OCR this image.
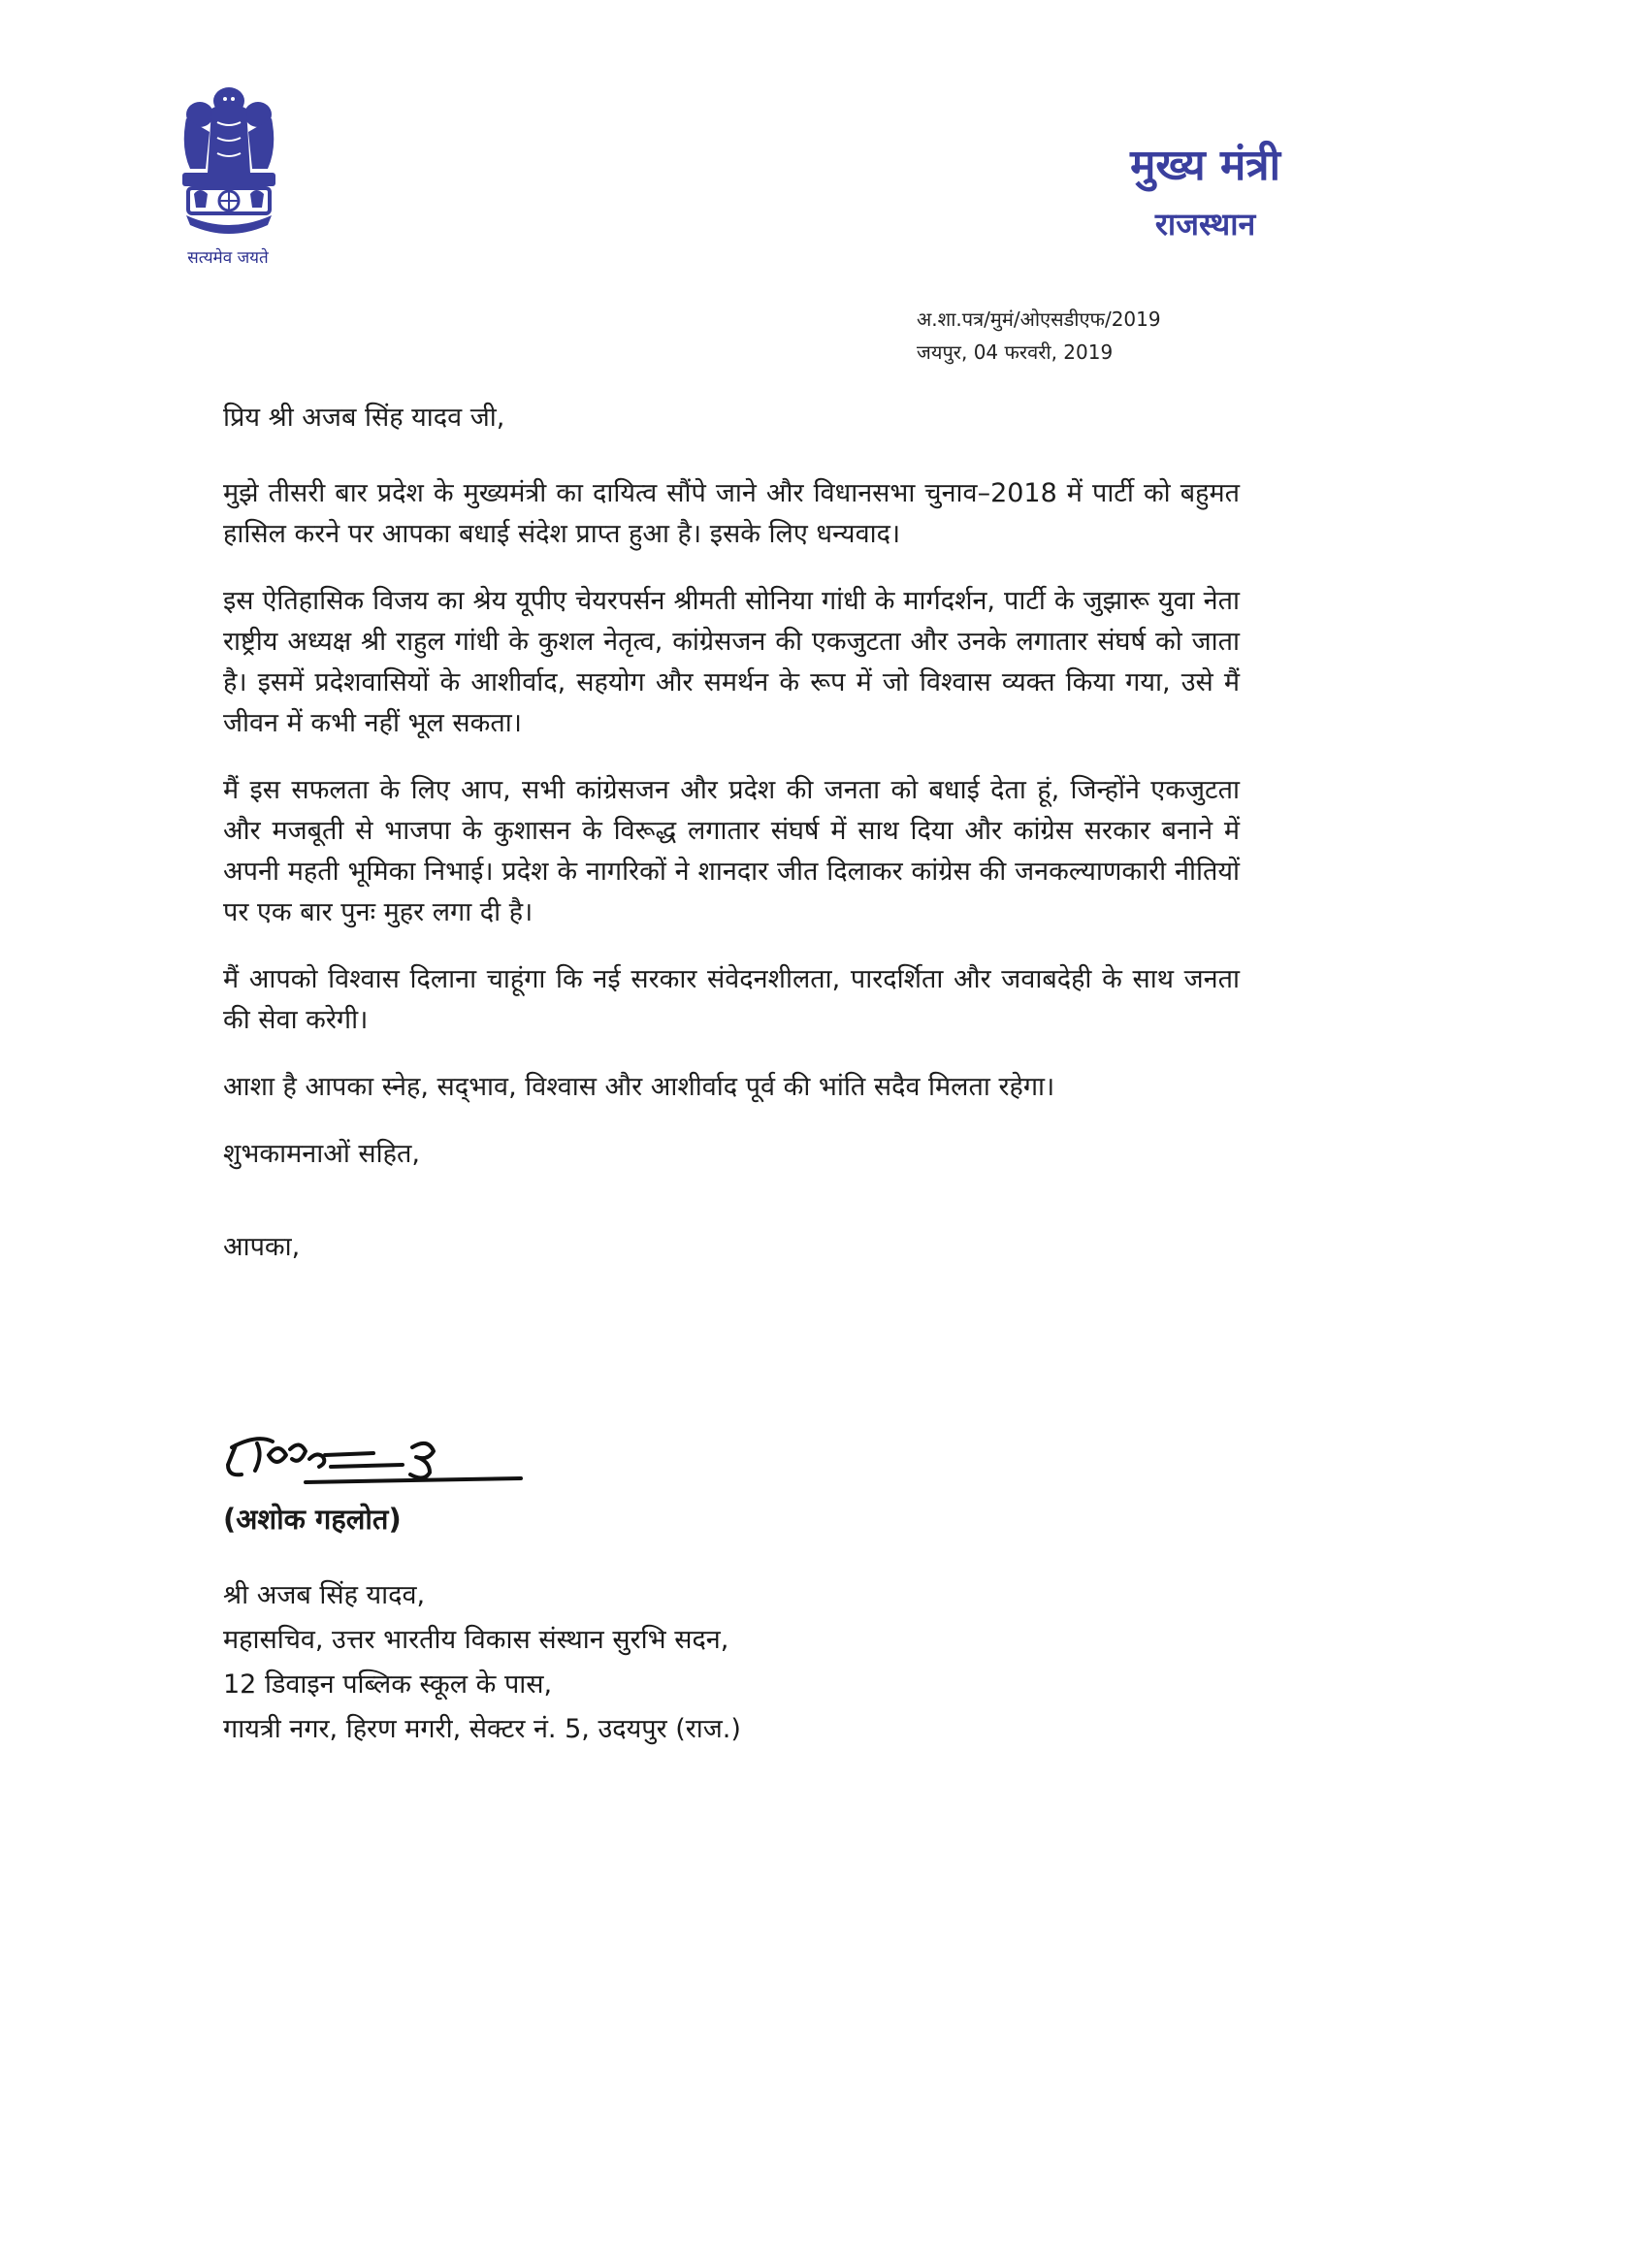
सत्यमेव जयते
मुख्य मंत्री
राजस्थान
अ.शा.पत्र/मुमं/ओएसडीएफ/2019
जयपुर, 04 फरवरी, 2019

प्रिय श्री अजब सिंह यादव जी,

मुझे तीसरी बार प्रदेश के मुख्यमंत्री का दायित्व सौंपे जाने और विधानसभा चुनाव–2018 में पार्टी को बहुमत हासिल करने पर आपका बधाई संदेश प्राप्त हुआ है। इसके लिए धन्यवाद।

इस ऐतिहासिक विजय का श्रेय यूपीए चेयरपर्सन श्रीमती सोनिया गांधी के मार्गदर्शन, पार्टी के जुझारू युवा नेता राष्ट्रीय अध्यक्ष श्री राहुल गांधी के कुशल नेतृत्व, कांग्रेसजन की एकजुटता और उनके लगातार संघर्ष को जाता है। इसमें प्रदेशवासियों के आशीर्वाद, सहयोग और समर्थन के रूप में जो विश्वास व्यक्त किया गया, उसे मैं जीवन में कभी नहीं भूल सकता।

मैं इस सफलता के लिए आप, सभी कांग्रेसजन और प्रदेश की जनता को बधाई देता हूं, जिन्होंने एकजुटता और मजबूती से भाजपा के कुशासन के विरूद्ध लगातार संघर्ष में साथ दिया और कांग्रेस सरकार बनाने में अपनी महती भूमिका निभाई। प्रदेश के नागरिकों ने शानदार जीत दिलाकर कांग्रेस की जनकल्याणकारी नीतियों पर एक बार पुनः मुहर लगा दी है।

मैं आपको विश्वास दिलाना चाहूंगा कि नई सरकार संवेदनशीलता, पारदर्शिता और जवाबदेही के साथ जनता की सेवा करेगी।

आशा है आपका स्नेह, सद्‌भाव, विश्वास और आशीर्वाद पूर्व की भांति सदैव मिलता रहेगा।

शुभकामनाओं सहित,

आपका,

(अशोक गहलोत)
श्री अजब सिंह यादव,
महासचिव, उत्तर भारतीय विकास संस्थान सुरभि सदन,
12 डिवाइन पब्लिक स्कूल के पास,
गायत्री नगर, हिरण मगरी, सेक्टर नं. 5, उदयपुर (राज.)
